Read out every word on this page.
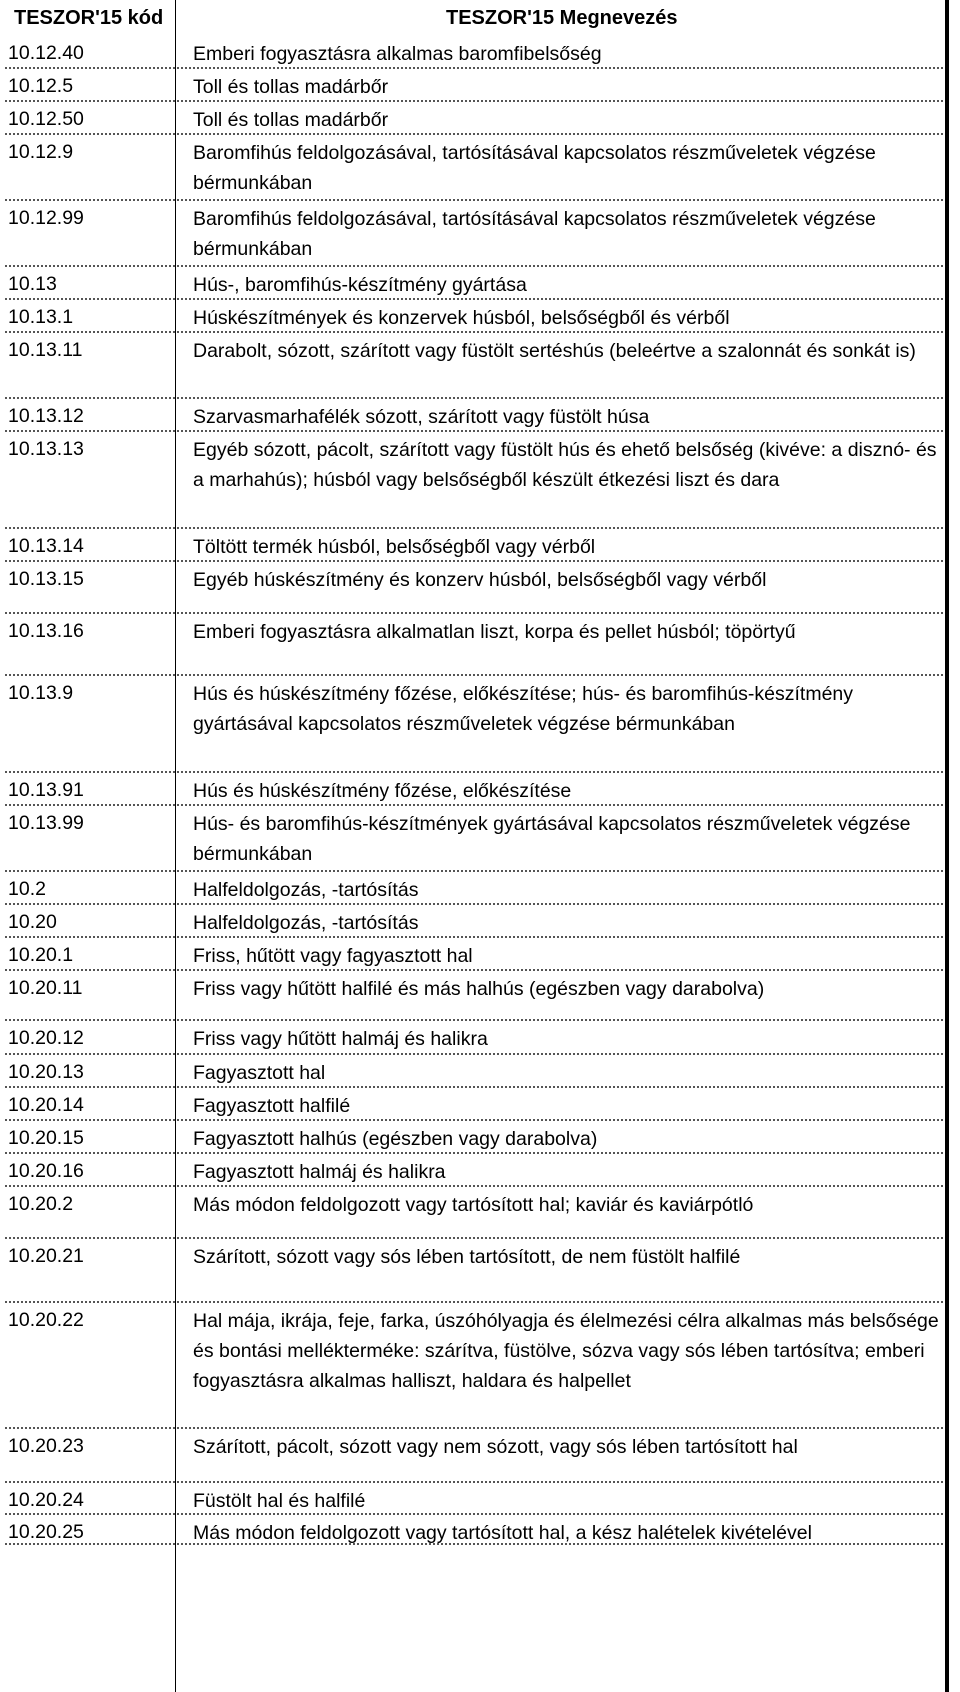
TESZOR'15 kód	TESZOR'15 Megnevezés
10.12.40	Emberi fogyasztásra alkalmas baromfibelsőség
10.12.5	Toll és tollas madárbőr
10.12.50	Toll és tollas madárbőr
10.12.9	Baromfihús feldolgozásával, tartósításával kapcsolatos részműveletek végzése bérmunkában
10.12.99	Baromfihús feldolgozásával, tartósításával kapcsolatos részműveletek végzése bérmunkában
10.13	Hús-, baromfihús-készítmény gyártása
10.13.1	Húskészítmények és konzervek húsból, belsőségből és vérből
10.13.11	Darabolt, sózott, szárított vagy füstölt sertéshús (beleértve a szalonnát és sonkát is)
10.13.12	Szarvasmarhafélék sózott, szárított vagy füstölt húsa
10.13.13	Egyéb sózott, pácolt, szárított vagy füstölt hús és ehető belsőség (kivéve: a disznó- és a marhahús); húsból vagy belsőségből készült étkezési liszt és dara
10.13.14	Töltött termék húsból, belsőségből vagy vérből
10.13.15	Egyéb húskészítmény és konzerv húsból, belsőségből vagy vérből
10.13.16	Emberi fogyasztásra alkalmatlan liszt, korpa és pellet húsból; töpörtyű
10.13.9	Hús és húskészítmény főzése, előkészítése; hús- és baromfihús-készítmény gyártásával kapcsolatos részműveletek végzése bérmunkában
10.13.91	Hús és húskészítmény főzése, előkészítése
10.13.99	Hús- és baromfihús-készítmények gyártásával kapcsolatos részműveletek végzése bérmunkában
10.2	Halfeldolgozás, -tartósítás
10.20	Halfeldolgozás, -tartósítás
10.20.1	Friss, hűtött vagy fagyasztott hal
10.20.11	Friss vagy hűtött halfilé és más halhús (egészben vagy darabolva)
10.20.12	Friss vagy hűtött halmáj és halikra
10.20.13	Fagyasztott hal
10.20.14	Fagyasztott halfilé
10.20.15	Fagyasztott halhús (egészben vagy darabolva)
10.20.16	Fagyasztott halmáj és halikra
10.20.2	Más módon feldolgozott vagy tartósított hal; kaviár és kaviárpótló
10.20.21	Szárított, sózott vagy sós lében tartósított, de nem füstölt halfilé
10.20.22	Hal mája, ikrája, feje, farka, úszóhólyagja és élelmezési célra alkalmas más belsősége és bontási mellékterméke: szárítva, füstölve, sózva vagy sós lében tartósítva; emberi fogyasztásra alkalmas halliszt, haldara és halpellet
10.20.23	Szárított, pácolt, sózott vagy nem sózott, vagy sós lében tartósított hal
10.20.24	Füstölt hal és halfilé
10.20.25	Más módon feldolgozott vagy tartósított hal, a kész halételek kivételével
